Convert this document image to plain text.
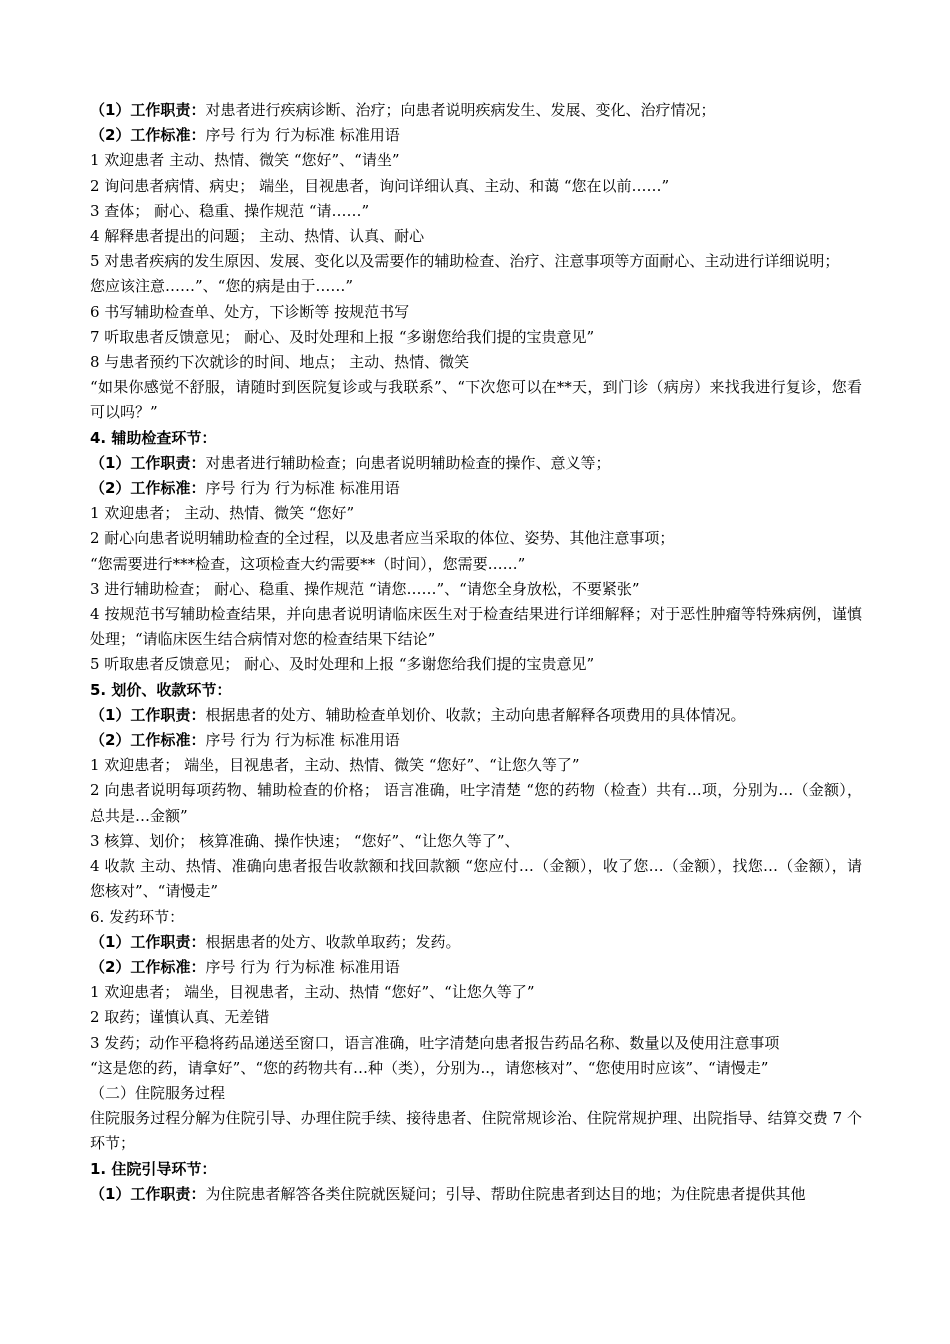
（1）工作职责：对患者进行疾病诊断、治疗；向患者说明疾病发生、发展、变化、治疗情况；
（2）工作标准：序号 行为 行为标准 标准用语
1 欢迎患者 主动、热情、微笑 “您好”、“请坐”
2 询问患者病情、病史； 端坐，目视患者，询问详细认真、主动、和蔼 “您在以前……”
3 查体； 耐心、稳重、操作规范 “请……”
4 解释患者提出的问题； 主动、热情、认真、耐心
5 对患者疾病的发生原因、发展、变化以及需要作的辅助检查、治疗、注意事项等方面耐心、主动进行详细说明；
您应该注意……”、“您的病是由于……”
6 书写辅助检查单、处方，下诊断等 按规范书写
7 听取患者反馈意见； 耐心、及时处理和上报 “多谢您给我们提的宝贵意见”
8 与患者预约下次就诊的时间、地点； 主动、热情、微笑
“如果你感觉不舒服，请随时到医院复诊或与我联系”、“下次您可以在**天，到门诊（病房）来找我进行复诊，您看可以吗？”
4. 辅助检查环节：
（1）工作职责：对患者进行辅助检查；向患者说明辅助检查的操作、意义等；
（2）工作标准：序号 行为 行为标准 标准用语
1 欢迎患者； 主动、热情、微笑 “您好”
2 耐心向患者说明辅助检查的全过程，以及患者应当采取的体位、姿势、其他注意事项；
“您需要进行***检查，这项检查大约需要**（时间），您需要……”
3 进行辅助检查； 耐心、稳重、操作规范 “请您……”、“请您全身放松，不要紧张”
4 按规范书写辅助检查结果，并向患者说明请临床医生对于检查结果进行详细解释；对于恶性肿瘤等特殊病例，谨慎处理；“请临床医生结合病情对您的检查结果下结论”
5 听取患者反馈意见； 耐心、及时处理和上报 “多谢您给我们提的宝贵意见”
5. 划价、收款环节：
（1）工作职责：根据患者的处方、辅助检查单划价、收款；主动向患者解释各项费用的具体情况。
（2）工作标准：序号 行为 行为标准 标准用语
1 欢迎患者； 端坐，目视患者，主动、热情、微笑 “您好”、“让您久等了”
2 向患者说明每项药物、辅助检查的价格； 语言准确，吐字清楚 “您的药物（检查）共有…项，分别为…（金额），总共是…金额”
3 核算、划价； 核算准确、操作快速； “您好”、“让您久等了”、
4 收款 主动、热情、准确向患者报告收款额和找回款额 “您应付…（金额），收了您…（金额），找您…（金额），请您核对”、“请慢走”
6. 发药环节：
（1）工作职责：根据患者的处方、收款单取药；发药。
（2）工作标准：序号 行为 行为标准 标准用语
1 欢迎患者； 端坐，目视患者，主动、热情 “您好”、“让您久等了”
2 取药；谨慎认真、无差错
3 发药；动作平稳将药品递送至窗口，语言准确，吐字清楚向患者报告药品名称、数量以及使用注意事项
“这是您的药，请拿好”、“您的药物共有…种（类），分别为..，请您核对”、“您使用时应该”、“请慢走”
（二）住院服务过程
住院服务过程分解为住院引导、办理住院手续、接待患者、住院常规诊治、住院常规护理、出院指导、结算交费 7 个环节；
1. 住院引导环节：
（1）工作职责：为住院患者解答各类住院就医疑问；引导、帮助住院患者到达目的地；为住院患者提供其他
